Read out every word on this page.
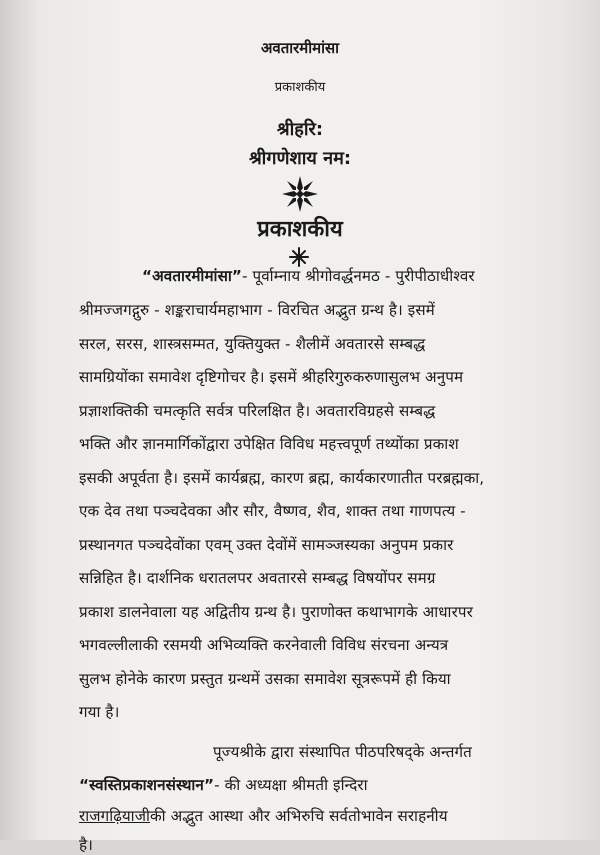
अवतारमीमांसा
प्रकाशकीय
श्रीहरि:
श्रीगणेशाय नम:
प्रकाशकीय
“अवतारमीमांसा”- पूर्वाम्नाय श्रीगोवर्द्धनमठ - पुरीपीठाधीश्वर
श्रीमज्जगद्गुरु - शङ्कराचार्यमहाभाग - विरचित अद्भुत ग्रन्थ है। इसमें
सरल, सरस, शास्त्रसम्मत, युक्तियुक्त - शैलीमें अवतारसे सम्बद्ध
सामग्रियोंका समावेश दृष्टिगोचर है। इसमें श्रीहरिगुरुकरुणासुलभ अनुपम
प्रज्ञाशक्तिकी चमत्कृति सर्वत्र परिलक्षित है। अवतारविग्रहसे सम्बद्ध
भक्ति और ज्ञानमार्गिकोंद्वारा उपेक्षित विविध महत्त्वपूर्ण तथ्योंका प्रकाश
इसकी अपूर्वता है। इसमें कार्यब्रह्म, कारण ब्रह्म, कार्यकारणातीत परब्रह्मका,
एक देव तथा पञ्चदेवका और सौर, वैष्णव, शैव, शाक्त तथा गाणपत्य -
प्रस्थानगत पञ्चदेवोंका एवम् उक्त देवोंमें सामञ्जस्यका अनुपम प्रकार
सन्निहित है। दार्शनिक धरातलपर अवतारसे सम्बद्ध विषयोंपर समग्र
प्रकाश डालनेवाला यह अद्वितीय ग्रन्थ है। पुराणोक्त कथाभागके आधारपर
भगवल्लीलाकी रसमयी अभिव्यक्ति करनेवाली विविध संरचना अन्यत्र
सुलभ होनेके कारण प्रस्तुत ग्रन्थमें उसका समावेश सूत्ररूपमें ही किया
गया है।
पूज्यश्रीके द्वारा संस्थापित पीठपरिषद्के अन्तर्गत
“स्वस्तिप्रकाशनसंस्थान”- की अध्यक्षा श्रीमती इन्दिरा
राजगढ़ियाजीकी अद्भुत आस्था और अभिरुचि सर्वतोभावेन सराहनीय
है।
